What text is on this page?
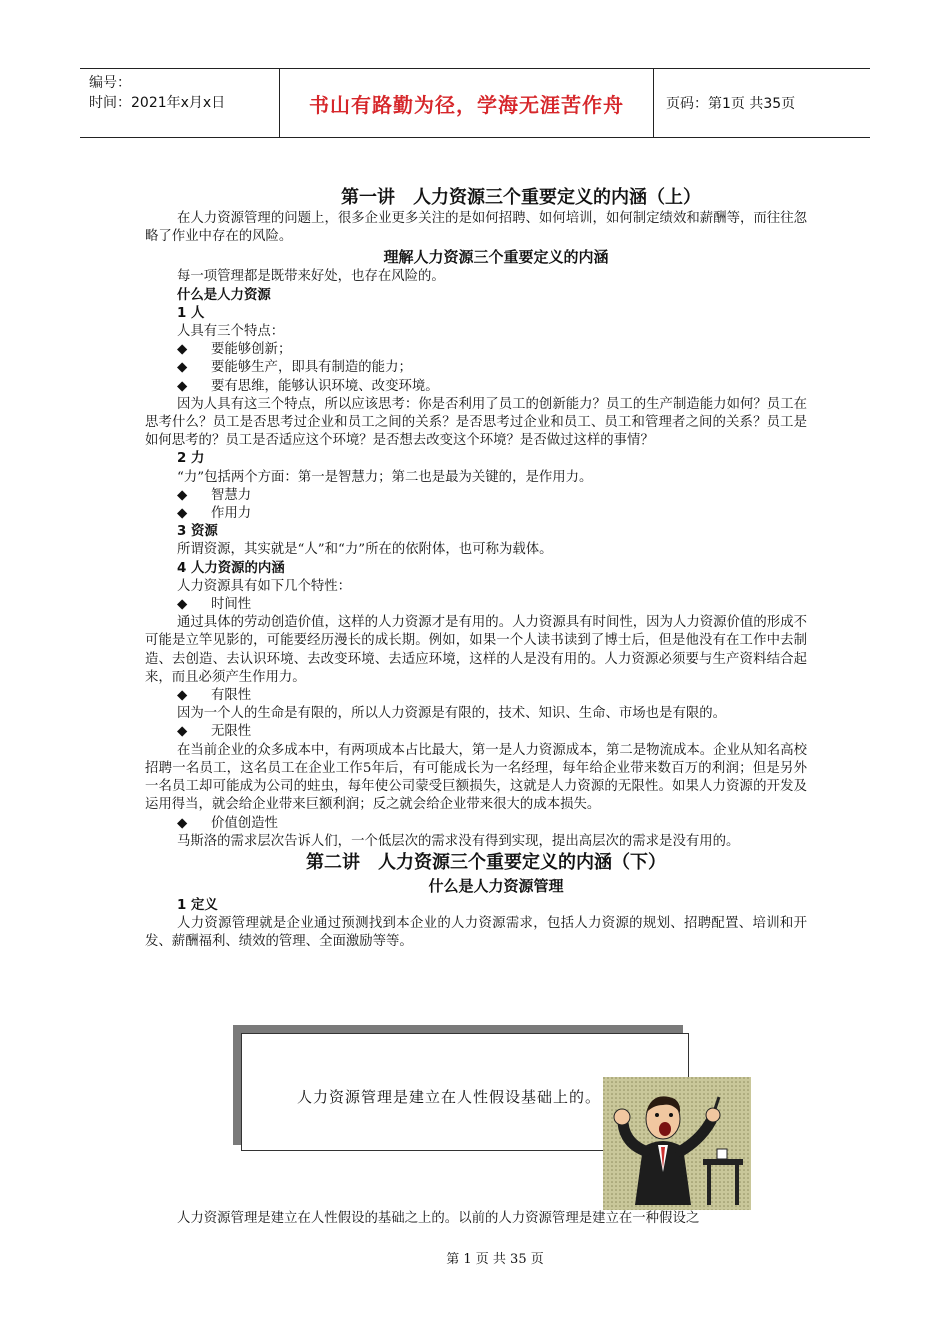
编号：
时间：2021年x月x日	书山有路勤为径，学海无涯苦作舟	页码：第1页 共35页

第一讲　人力资源三个重要定义的内涵（上）

在人力资源管理的问题上，很多企业更多关注的是如何招聘、如何培训，如何制定绩效和薪酬等，而往往忽略了作业中存在的风险。

理解人力资源三个重要定义的内涵

每一项管理都是既带来好处，也存在风险的。

什么是人力资源

1 人

人具有三个特点：

◆ 要能够创新；

◆ 要能够生产，即具有制造的能力；

◆ 要有思维，能够认识环境、改变环境。

因为人具有这三个特点，所以应该思考：你是否利用了员工的创新能力？员工的生产制造能力如何？员工在思考什么？员工是否思考过企业和员工之间的关系？是否思考过企业和员工、员工和管理者之间的关系？员工是如何思考的？员工是否适应这个环境？是否想去改变这个环境？是否做过这样的事情？

2 力

“力”包括两个方面：第一是智慧力；第二也是最为关键的，是作用力。

◆ 智慧力

◆ 作用力

3 资源

所谓资源，其实就是“人”和“力”所在的依附体，也可称为载体。

4 人力资源的内涵

人力资源具有如下几个特性：

◆ 时间性

通过具体的劳动创造价值，这样的人力资源才是有用的。人力资源具有时间性，因为人力资源价值的形成不可能是立竿见影的，可能要经历漫长的成长期。例如，如果一个人读书读到了博士后，但是他没有在工作中去制造、去创造、去认识环境、去改变环境、去适应环境，这样的人是没有用的。人力资源必须要与生产资料结合起来，而且必须产生作用力。

◆ 有限性

因为一个人的生命是有限的，所以人力资源是有限的，技术、知识、生命、市场也是有限的。

◆ 无限性

在当前企业的众多成本中，有两项成本占比最大，第一是人力资源成本，第二是物流成本。企业从知名高校招聘一名员工，这名员工在企业工作5年后，有可能成长为一名经理，每年给企业带来数百万的利润；但是另外一名员工却可能成为公司的蛀虫，每年使公司蒙受巨额损失，这就是人力资源的无限性。如果人力资源的开发及运用得当，就会给企业带来巨额利润；反之就会给企业带来很大的成本损失。

◆ 价值创造性

马斯洛的需求层次告诉人们，一个低层次的需求没有得到实现，提出高层次的需求是没有用的。

第二讲　人力资源三个重要定义的内涵（下）

什么是人力资源管理

1 定义

人力资源管理就是企业通过预测找到本企业的人力资源需求，包括人力资源的规划、招聘配置、培训和开发、薪酬福利、绩效的管理、全面激励等等。

人力资源管理是建立在人性假设基础上的。
人力资源管理是建立在人性假设的基础之上的。以前的人力资源管理是建立在一种假设之
第 1 页 共 35 页
